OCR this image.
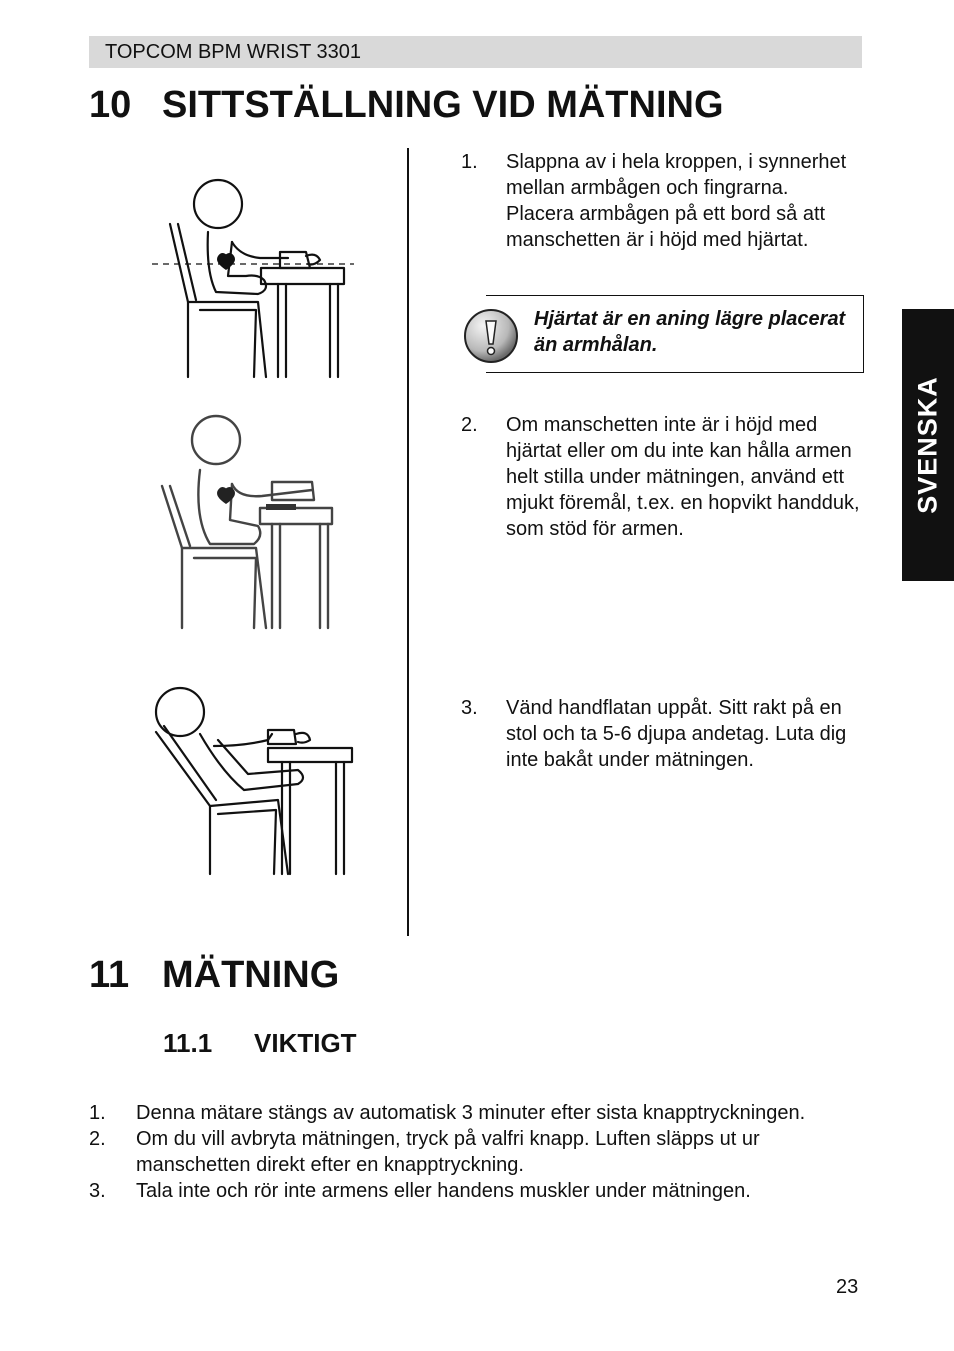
TOPCOM BPM WRIST 3301
10 SITTSTÄLLNING VID MÄTNING
1. Slappna av i hela kroppen, i synnerhet mellan armbågen och fingrarna. Placera armbågen på ett bord så att manschetten är i höjd med hjärtat.
Hjärtat är en aning lägre placerat än armhålan.
2. Om manschetten inte är i höjd med hjärtat eller om du inte kan hålla armen helt stilla under mätningen, använd ett mjukt föremål, t.ex. en hopvikt handduk, som stöd för armen.
3. Vänd handflatan uppåt. Sitt rakt på en stol och ta 5-6 djupa andetag. Luta dig inte bakåt under mätningen.
SVENSKA
11 MÄTNING
11.1 VIKTIGT
1. Denna mätare stängs av automatisk 3 minuter efter sista knapptryckningen.
2. Om du vill avbryta mätningen, tryck på valfri knapp. Luften släpps ut ur manschetten direkt efter en knapptryckning.
3. Tala inte och rör inte armens eller handens muskler under mätningen.
23
